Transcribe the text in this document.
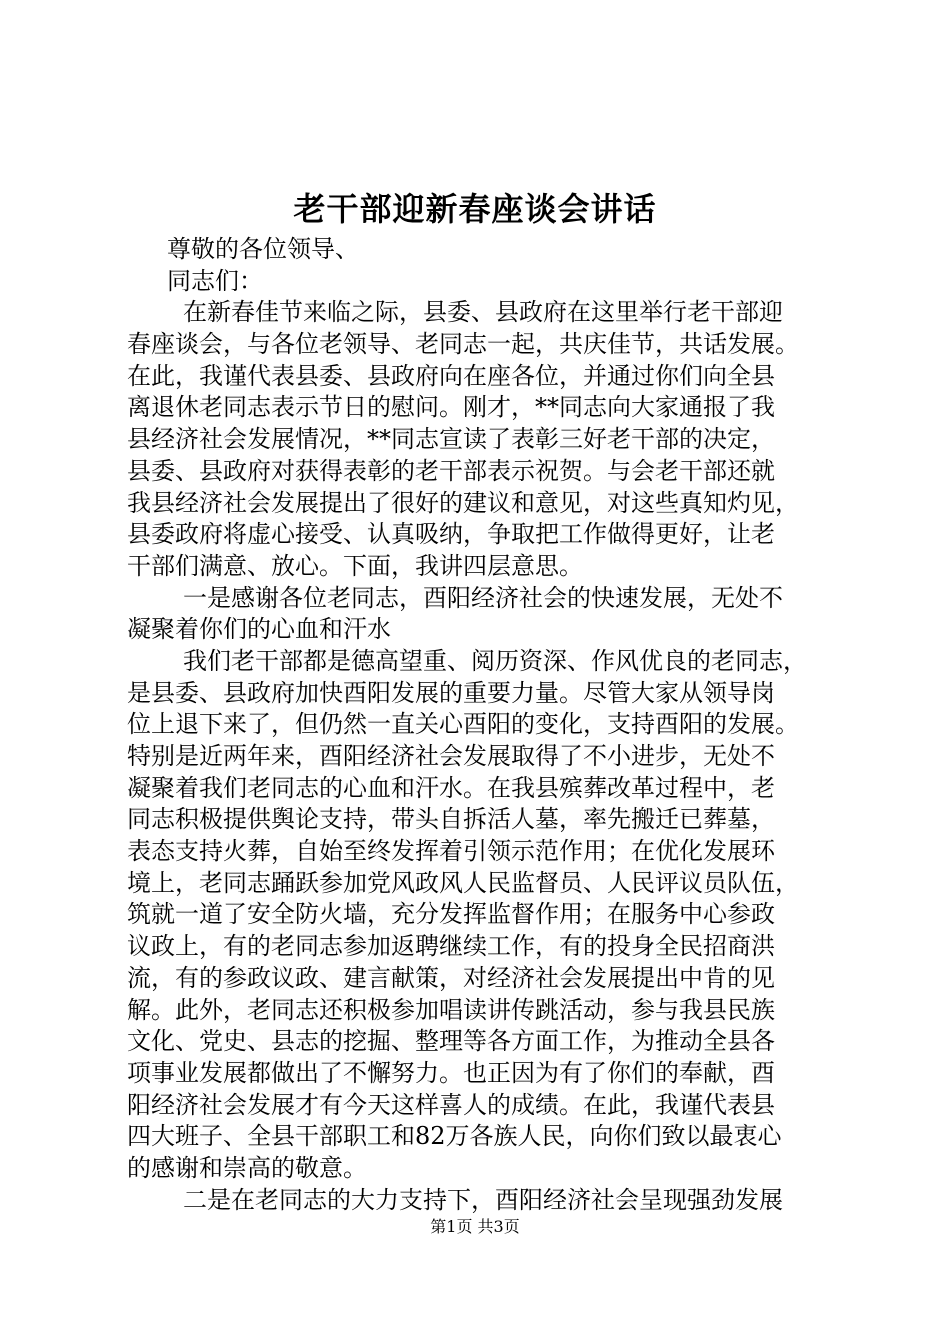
老干部迎新春座谈会讲话
尊敬的各位领导、
同志们：
在新春佳节来临之际，县委、县政府在这里举行老干部迎
春座谈会，与各位老领导、老同志一起，共庆佳节，共话发展。
在此，我谨代表县委、县政府向在座各位，并通过你们向全县
离退休老同志表示节日的慰问。刚才，**同志向大家通报了我
县经济社会发展情况，**同志宣读了表彰三好老干部的决定，
县委、县政府对获得表彰的老干部表示祝贺。与会老干部还就
我县经济社会发展提出了很好的建议和意见，对这些真知灼见，
县委政府将虚心接受、认真吸纳，争取把工作做得更好，让老
干部们满意、放心。下面，我讲四层意思。
一是感谢各位老同志，酉阳经济社会的快速发展，无处不
凝聚着你们的心血和汗水
我们老干部都是德高望重、阅历资深、作风优良的老同志，
是县委、县政府加快酉阳发展的重要力量。尽管大家从领导岗
位上退下来了，但仍然一直关心酉阳的变化，支持酉阳的发展。
特别是近两年来，酉阳经济社会发展取得了不小进步，无处不
凝聚着我们老同志的心血和汗水。在我县殡葬改革过程中，老
同志积极提供舆论支持，带头自拆活人墓，率先搬迁已葬墓，
表态支持火葬，自始至终发挥着引领示范作用；在优化发展环
境上，老同志踊跃参加党风政风人民监督员、人民评议员队伍，
筑就一道了安全防火墙，充分发挥监督作用；在服务中心参政
议政上，有的老同志参加返聘继续工作，有的投身全民招商洪
流，有的参政议政、建言献策，对经济社会发展提出中肯的见
解。此外，老同志还积极参加唱读讲传跳活动，参与我县民族
文化、党史、县志的挖掘、整理等各方面工作，为推动全县各
项事业发展都做出了不懈努力。也正因为有了你们的奉献，酉
阳经济社会发展才有今天这样喜人的成绩。在此，我谨代表县
四大班子、全县干部职工和82万各族人民，向你们致以最衷心
的感谢和崇高的敬意。
二是在老同志的大力支持下，酉阳经济社会呈现强劲发展
第1页 共3页
